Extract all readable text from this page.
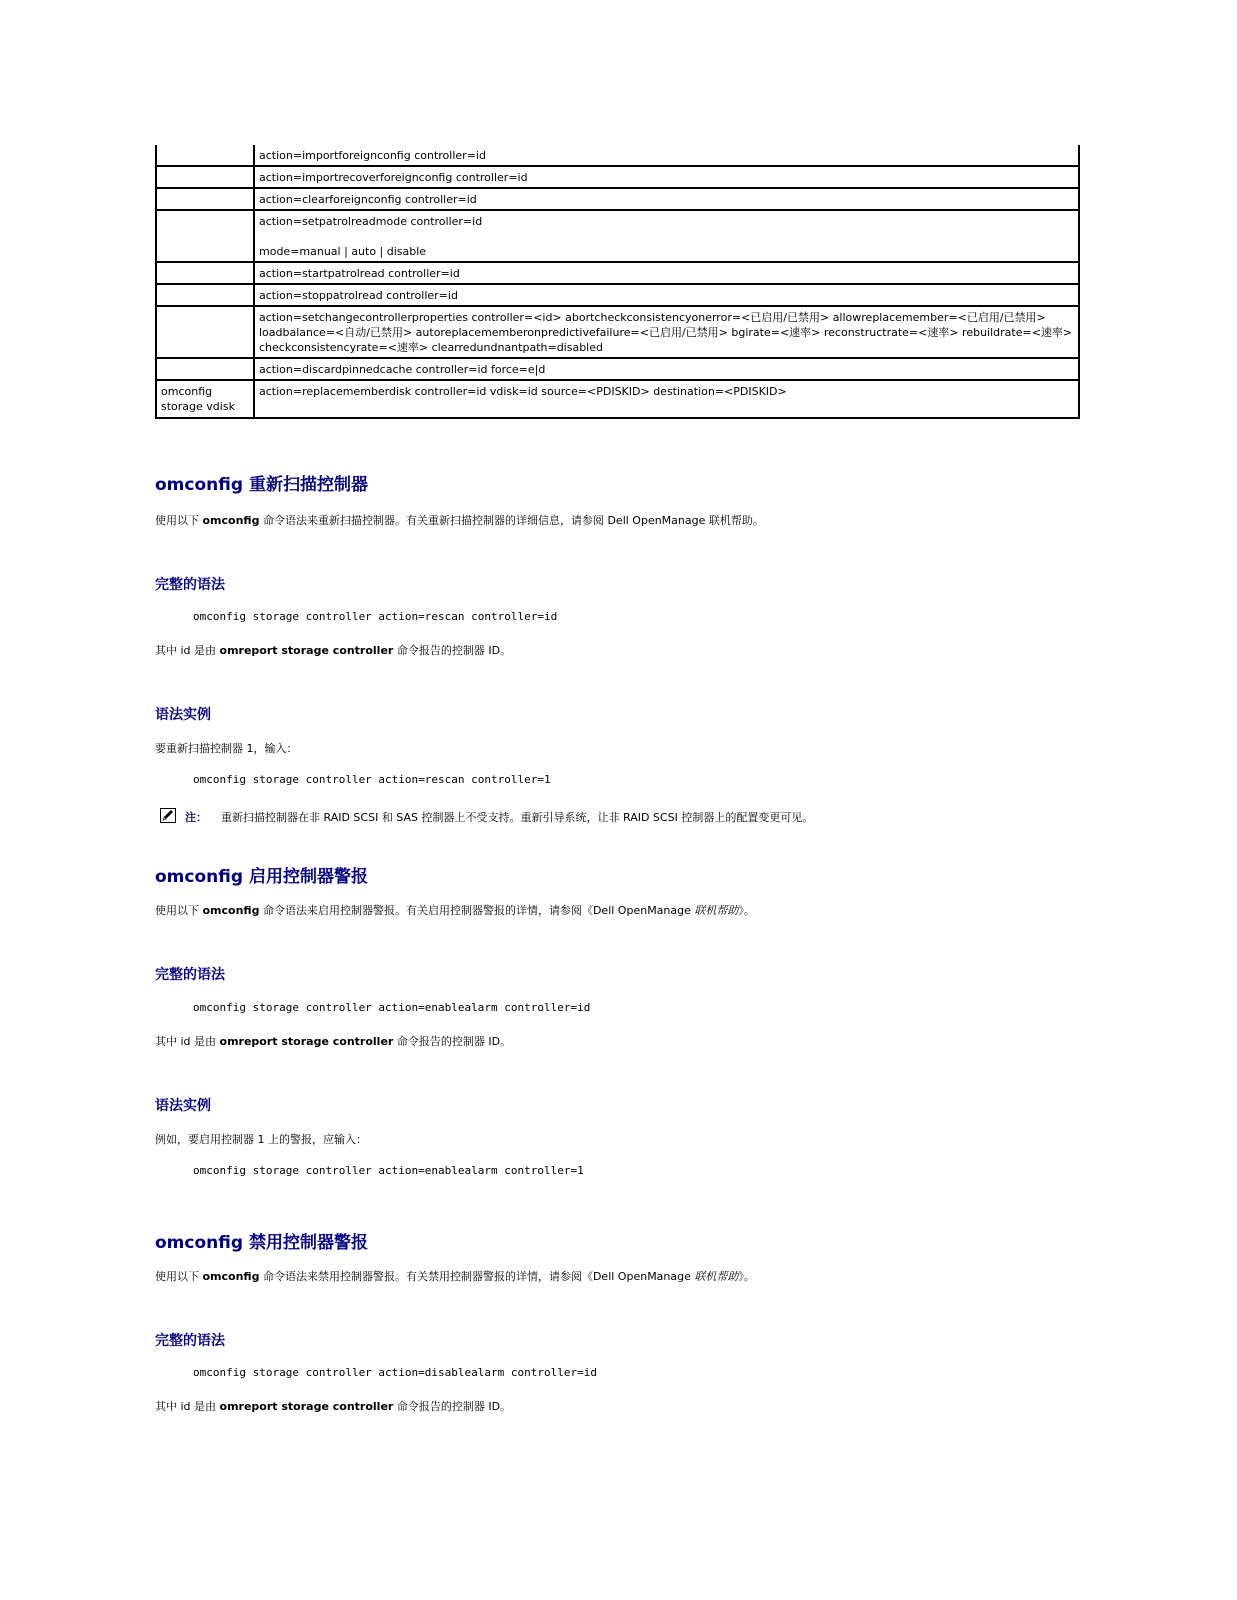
	action=importforeignconfig controller=id
	action=importrecoverforeignconfig controller=id
	action=clearforeignconfig controller=id

	action=setpatrolreadmode controller=id
mode=manual | auto | disable

	action=startpatrolread controller=id
	action=stoppatrolread controller=id
	action=setchangecontrollerproperties controller=<id> abortcheckconsistencyonerror=<已启用/已禁用> allowreplacemember=<已启用/已禁用> loadbalance=<自动/已禁用> autoreplacememberonpredictivefailure=<已启用/已禁用> bgirate=<速率> reconstructrate=<速率> rebuildrate=<速率> checkconsistencyrate=<速率> clearredundnantpath=disabled
	action=discardpinnedcache controller=id force=e|d
omconfig storage vdisk	action=replacememberdisk controller=id vdisk=id source=<PDISKID> destination=<PDISKID>
omconfig 重新扫描控制器

使用以下 omconfig 命令语法来重新扫描控制器。有关重新扫描控制器的详细信息，请参阅 Dell OpenManage 联机帮助。

完整的语法
omconfig storage controller action=rescan controller=id

其中 id 是由 omreport storage controller 命令报告的控制器 ID。

语法实例

要重新扫描控制器 1，输入：

omconfig storage controller action=rescan controller=1

注： 重新扫描控制器在非 RAID SCSI 和 SAS 控制器上不受支持。重新引导系统，让非 RAID SCSI 控制器上的配置变更可见。

omconfig 启用控制器警报

使用以下 omconfig 命令语法来启用控制器警报。有关启用控制器警报的详情，请参阅《Dell OpenManage 联机帮助》。

完整的语法
omconfig storage controller action=enablealarm controller=id

其中 id 是由 omreport storage controller 命令报告的控制器 ID。

语法实例

例如，要启用控制器 1 上的警报，应输入：

omconfig storage controller action=enablealarm controller=1
omconfig 禁用控制器警报

使用以下 omconfig 命令语法来禁用控制器警报。有关禁用控制器警报的详情，请参阅《Dell OpenManage 联机帮助》。

完整的语法
omconfig storage controller action=disablealarm controller=id

其中 id 是由 omreport storage controller 命令报告的控制器 ID。
